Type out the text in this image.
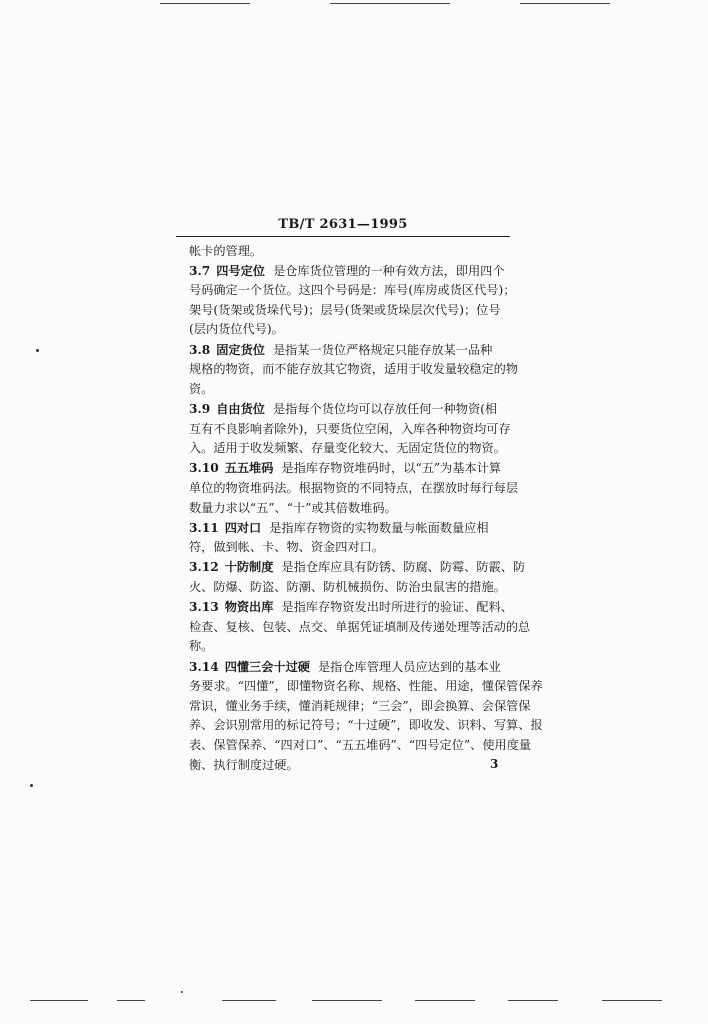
TB/T 2631—1995
帐卡的管理。
3.7 四号定位 是仓库货位管理的一种有效方法，即用四个
号码确定一个货位。这四个号码是：库号(库房或货区代号)；
架号(货架或货垛代号)；层号(货架或货垛层次代号)；位号
(层内货位代号)。
3.8 固定货位 是指某一货位严格规定只能存放某一品种
规格的物资，而不能存放其它物资，适用于收发量较稳定的物
资。
3.9 自由货位 是指每个货位均可以存放任何一种物资(相
互有不良影响者除外)，只要货位空闲，入库各种物资均可存
入。适用于收发频繁、存量变化较大、无固定货位的物资。
3.10 五五堆码 是指库存物资堆码时，以“五”为基本计算
单位的物资堆码法。根据物资的不同特点，在摆放时每行每层
数量力求以“五”、“十”或其倍数堆码。
3.11 四对口 是指库存物资的实物数量与帐面数量应相
符，做到帐、卡、物、资金四对口。
3.12 十防制度 是指仓库应具有防锈、防腐、防霉、防霰、防
火、防爆、防盗、防潮、防机械损伤、防治虫鼠害的措施。
3.13 物资出库 是指库存物资发出时所进行的验证、配料、
检查、复核、包装、点交、单据凭证填制及传递处理等活动的总
称。
3.14 四懂三会十过硬 是指仓库管理人员应达到的基本业
务要求。“四懂”，即懂物资名称、规格、性能、用途，懂保管保养
常识，懂业务手续，懂消耗规律；“三会”，即会换算、会保管保
养、会识别常用的标记符号；“十过硬”，即收发、识料、写算、报
表、保管保养、“四对口”、“五五堆码”、“四号定位”、使用度量
衡、执行制度过硬。	3
